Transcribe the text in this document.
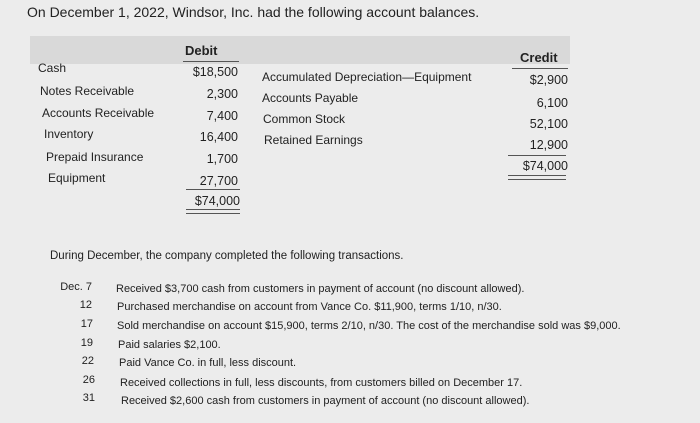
On December 1, 2022, Windsor, Inc. had the following account balances.
Debit	Credit
Cash	$18,500
Notes Receivable	2,300
Accounts Receivable	7,400
Inventory	16,400
Prepaid Insurance	1,700
Equipment	27,700
$74,000
Accumulated Depreciation—Equipment	$2,900
Accounts Payable	6,100
Common Stock	52,100
Retained Earnings	12,900
$74,000
During December, the company completed the following transactions.
Dec. 7 Received $3,700 cash from customers in payment of account (no discount allowed).
12 Purchased merchandise on account from Vance Co. $11,900, terms 1/10, n/30.
17 Sold merchandise on account $15,900, terms 2/10, n/30. The cost of the merchandise sold was $9,000.
19 Paid salaries $2,100.
22 Paid Vance Co. in full, less discount.
26 Received collections in full, less discounts, from customers billed on December 17.
31 Received $2,600 cash from customers in payment of account (no discount allowed).
